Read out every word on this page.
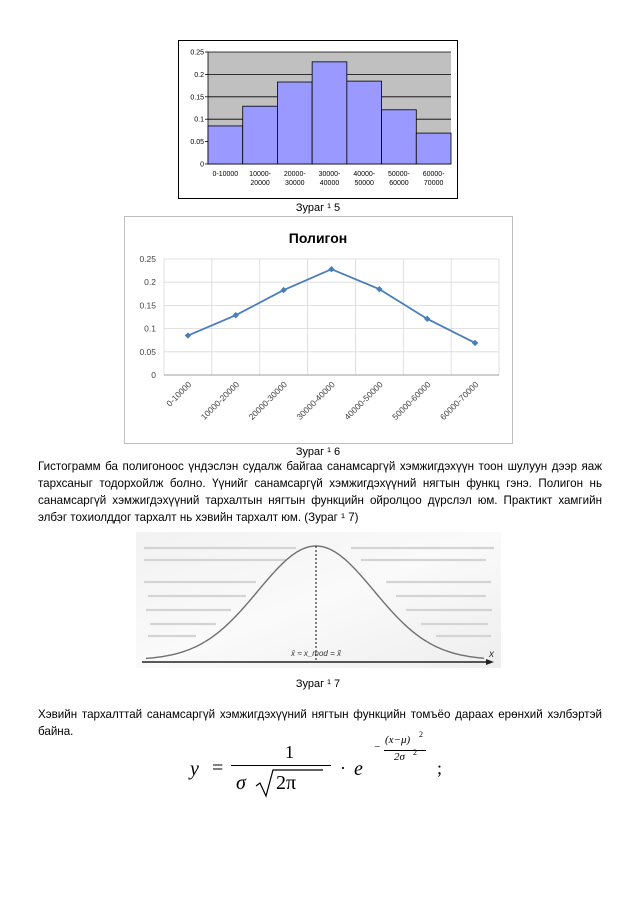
0
0.05
0.1
0.15
0.2
0.25
0-10000 10000-20000
20000-30000
30000-40000
40000-50000
50000-60000
60000-70000
Зураг ¹ 5
Полигон
0
0.05
0.1
0.15
0.2
0.25
0-10000 10000-20000 20000-30000 30000-40000 40000-50000 50000-60000 60000-70000
Зураг ¹ 6
Гистограмм ба полигоноос үндэслэн судалж байгаа санамсаргүй хэмжигдэхүүн тоон шулуун дээр яаж тархсаныг тодорхойлж болно. Үүнийг санамсаргүй хэмжигдэхүүний нягтын функц гэнэ. Полигон нь санамсаргүй хэмжигдэхүүний тархалтын нягтын функцийн ойролцоо дүрслэл юм. Практикт хамгийн элбэг тохиолддог тархалт нь хэвийн тархалт юм. (Зураг ¹ 7)
x
x̄ ≈ x_mod = x̃
Зураг ¹ 7
Хэвийн тархалттай санамсаргүй хэмжигдэхүүний нягтын функцийн томъёо дараах ерөнхий хэлбэртэй байна.
y =
1
σ 2π
· e
−
(x−μ) 2
2σ 2
;
